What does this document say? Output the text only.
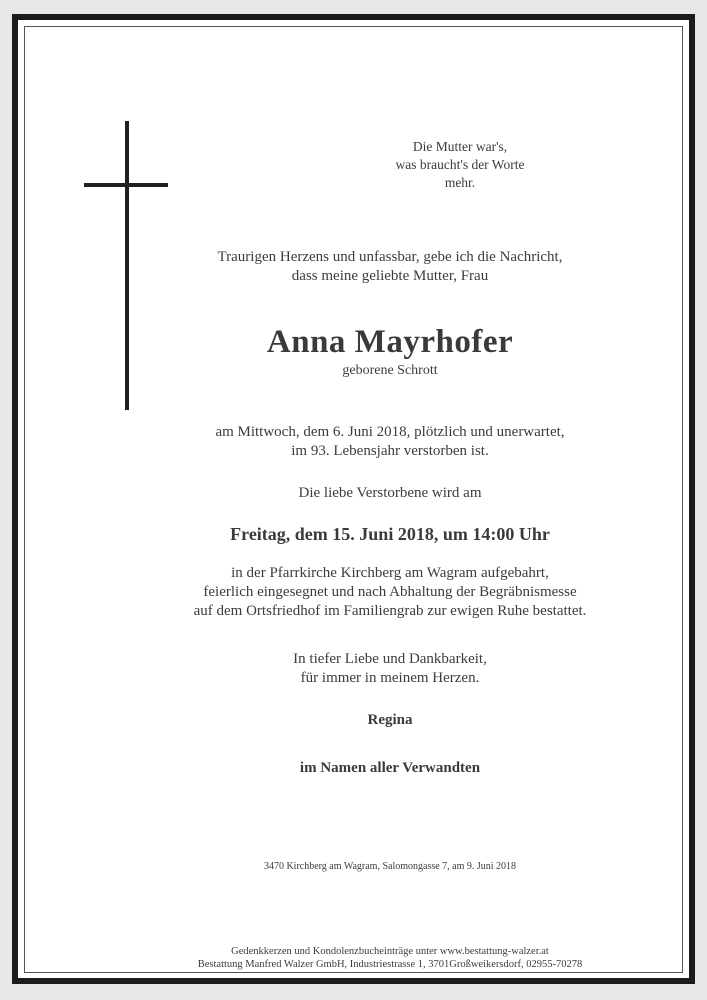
Die Mutter war's,
was braucht's der Worte
mehr.
Traurigen Herzens und unfassbar, gebe ich die Nachricht,
dass meine geliebte Mutter, Frau
Anna Mayrhofer
geborene Schrott
am Mittwoch, dem 6. Juni 2018, plötzlich und unerwartet,
im 93. Lebensjahr verstorben ist.
Die liebe Verstorbene wird am
Freitag, dem 15. Juni 2018, um 14:00 Uhr
in der Pfarrkirche Kirchberg am Wagram aufgebahrt,
feierlich eingesegnet und nach Abhaltung der Begräbnismesse
auf dem Ortsfriedhof im Familiengrab zur ewigen Ruhe bestattet.
In tiefer Liebe und Dankbarkeit,
für immer in meinem Herzen.
Regina
im Namen aller Verwandten
3470 Kirchberg am Wagram, Salomongasse 7, am 9. Juni 2018
Gedenkkerzen und Kondolenzbucheinträge unter www.bestattung-walzer.at
Bestattung Manfred Walzer GmbH, Industriestrasse 1, 3701Großweikersdorf, 02955-70278
